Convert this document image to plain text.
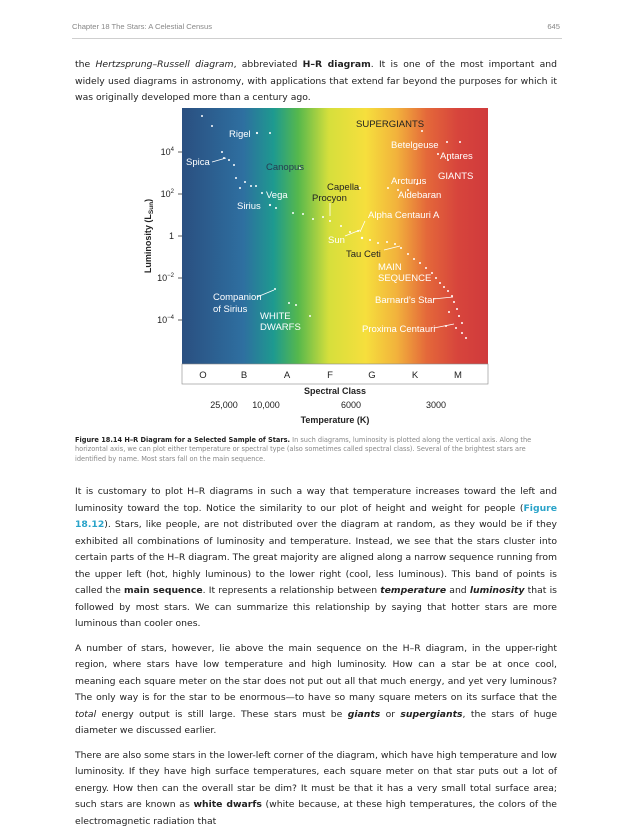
Chapter 18 The Stars: A Celestial Census	645

the Hertzsprung–Russell diagram, abbreviated H–R diagram. It is one of the most important and widely used diagrams in astronomy, with applications that extend far beyond the purposes for which it was originally developed more than a century ago.

Rigel
Betelgeuse
Antares
Spica	Canopus
Arcturus
Aldebaran
Capella
Vega	Procyon
Sirius
Alpha Centauri A
Sun
Tau Ceti
Barnard’s Star
Proxima Centauri
Companion
of Sirius
SUPERGIANTS
GIANTS
MAIN
SEQUENCE
WHITE
DWARFS
$10^4$
$10^2$
1
$10^{-2}$
$10^{-4}$
Luminosity $(L_{Sun})$
O	B	A	F	G	K	M
Spectral Class
25,000 10,000	6000	3000
Temperature (K)
Figure 18.14 H–R Diagram for a Selected Sample of Stars. In such diagrams, luminosity is plotted along the vertical axis. Along the horizontal axis, we can plot either temperature or spectral type (also sometimes called spectral class). Several of the brightest stars are identified by name. Most stars fall on the main sequence.

It is customary to plot H–R diagrams in such a way that temperature increases toward the left and luminosity toward the top. Notice the similarity to our plot of height and weight for people (Figure 18.12). Stars, like people, are not distributed over the diagram at random, as they would be if they exhibited all combinations of luminosity and temperature. Instead, we see that the stars cluster into certain parts of the H–R diagram. The great majority are aligned along a narrow sequence running from the upper left (hot, highly luminous) to the lower right (cool, less luminous). This band of points is called the main sequence. It represents a relationship between temperature and luminosity that is followed by most stars. We can summarize this relationship by saying that hotter stars are more luminous than cooler ones.

A number of stars, however, lie above the main sequence on the H–R diagram, in the upper-right region, where stars have low temperature and high luminosity. How can a star be at once cool, meaning each square meter on the star does not put out all that much energy, and yet very luminous? The only way is for the star to be enormous—to have so many square meters on its surface that the total energy output is still large. These stars must be giants or supergiants, the stars of huge diameter we discussed earlier.

There are also some stars in the lower-left corner of the diagram, which have high temperature and low luminosity. If they have high surface temperatures, each square meter on that star puts out a lot of energy. How then can the overall star be dim? It must be that it has a very small total surface area; such stars are known as white dwarfs (white because, at these high temperatures, the colors of the electromagnetic radiation that
